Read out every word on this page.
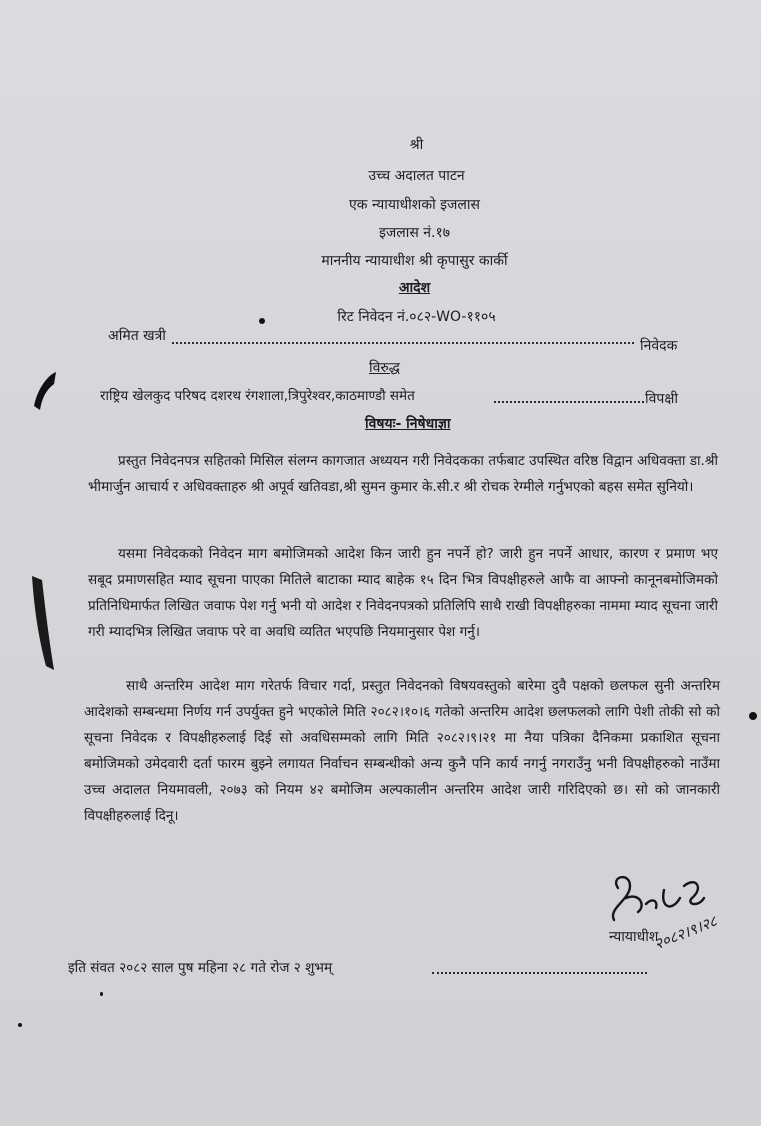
श्री
उच्च अदालत पाटन
एक न्यायाधीशको इजलास
इजलास नं.१७
माननीय न्यायाधीश श्री कृपासुर कार्की
आदेश
रिट निवेदन नं.०८२-WO-११०५
अमित खत्री
निवेदक
विरुद्ध
राष्ट्रिय खेलकुद परिषद दशरथ रंगशाला,त्रिपुरेश्वर,काठमाण्डौ समेत	विपक्षी
विषयः- निषेधाज्ञा

प्रस्तुत निवेदनपत्र सहितको मिसिल संलग्न कागजात अध्ययन गरी निवेदकका तर्फबाट उपस्थित वरिष्ठ विद्वान अधिवक्ता डा.श्री भीमार्जुन आचार्य र अधिवक्ताहरु श्री अपूर्व खतिवडा,श्री सुमन कुमार के.सी.र श्री रोचक रेग्मीले गर्नुभएको बहस समेत सुनियो।

यसमा निवेदकको निवेदन माग बमोजिमको आदेश किन जारी हुन नपर्ने हो? जारी हुन नपर्ने आधार, कारण र प्रमाण भए सबूद प्रमाणसहित म्याद सूचना पाएका मितिले बाटाका म्याद बाहेक १५ दिन भित्र विपक्षीहरुले आफै वा आफ्नो कानूनबमोजिमको प्रतिनिधिमार्फत लिखित जवाफ पेश गर्नु भनी यो आदेश र निवेदनपत्रको प्रतिलिपि साथै राखी विपक्षीहरुका नाममा म्याद सूचना जारी गरी म्यादभित्र लिखित जवाफ परे वा अवधि व्यतित भएपछि नियमानुसार पेश गर्नु।

साथै अन्तरिम आदेश माग गरेतर्फ विचार गर्दा, प्रस्तुत निवेदनको विषयवस्तुको बारेमा दुवै पक्षको छलफल सुनी अन्तरिम आदेशको सम्बन्धमा निर्णय गर्न उपर्युक्त हुने भएकोले मिति २०८२।१०।६ गतेको अन्तरिम आदेश छलफलको लागि पेशी तोकी सो को सूचना निवेदक र विपक्षीहरुलाई दिई सो अवधिसम्मको लागि मिति २०८२।९।२१ मा नैया पत्रिका दैनिकमा प्रकाशित सूचना बमोजिमको उमेदवारी दर्ता फारम बुझ्ने लगायत निर्वाचन सम्बन्धीको अन्य कुनै पनि कार्य नगर्नु नगराउँनु भनी विपक्षीहरुको नाउँमा उच्च अदालत नियमावली, २०७३ को नियम ४२ बमोजिम अल्पकालीन अन्तरिम आदेश जारी गरिदिएको छ। सो को जानकारी विपक्षीहरुलाई दिनू।

न्यायाधीश
२०८२।९।२८
इति संवत २०८२ साल पुष महिना २८ गते रोज २ शुभम्
